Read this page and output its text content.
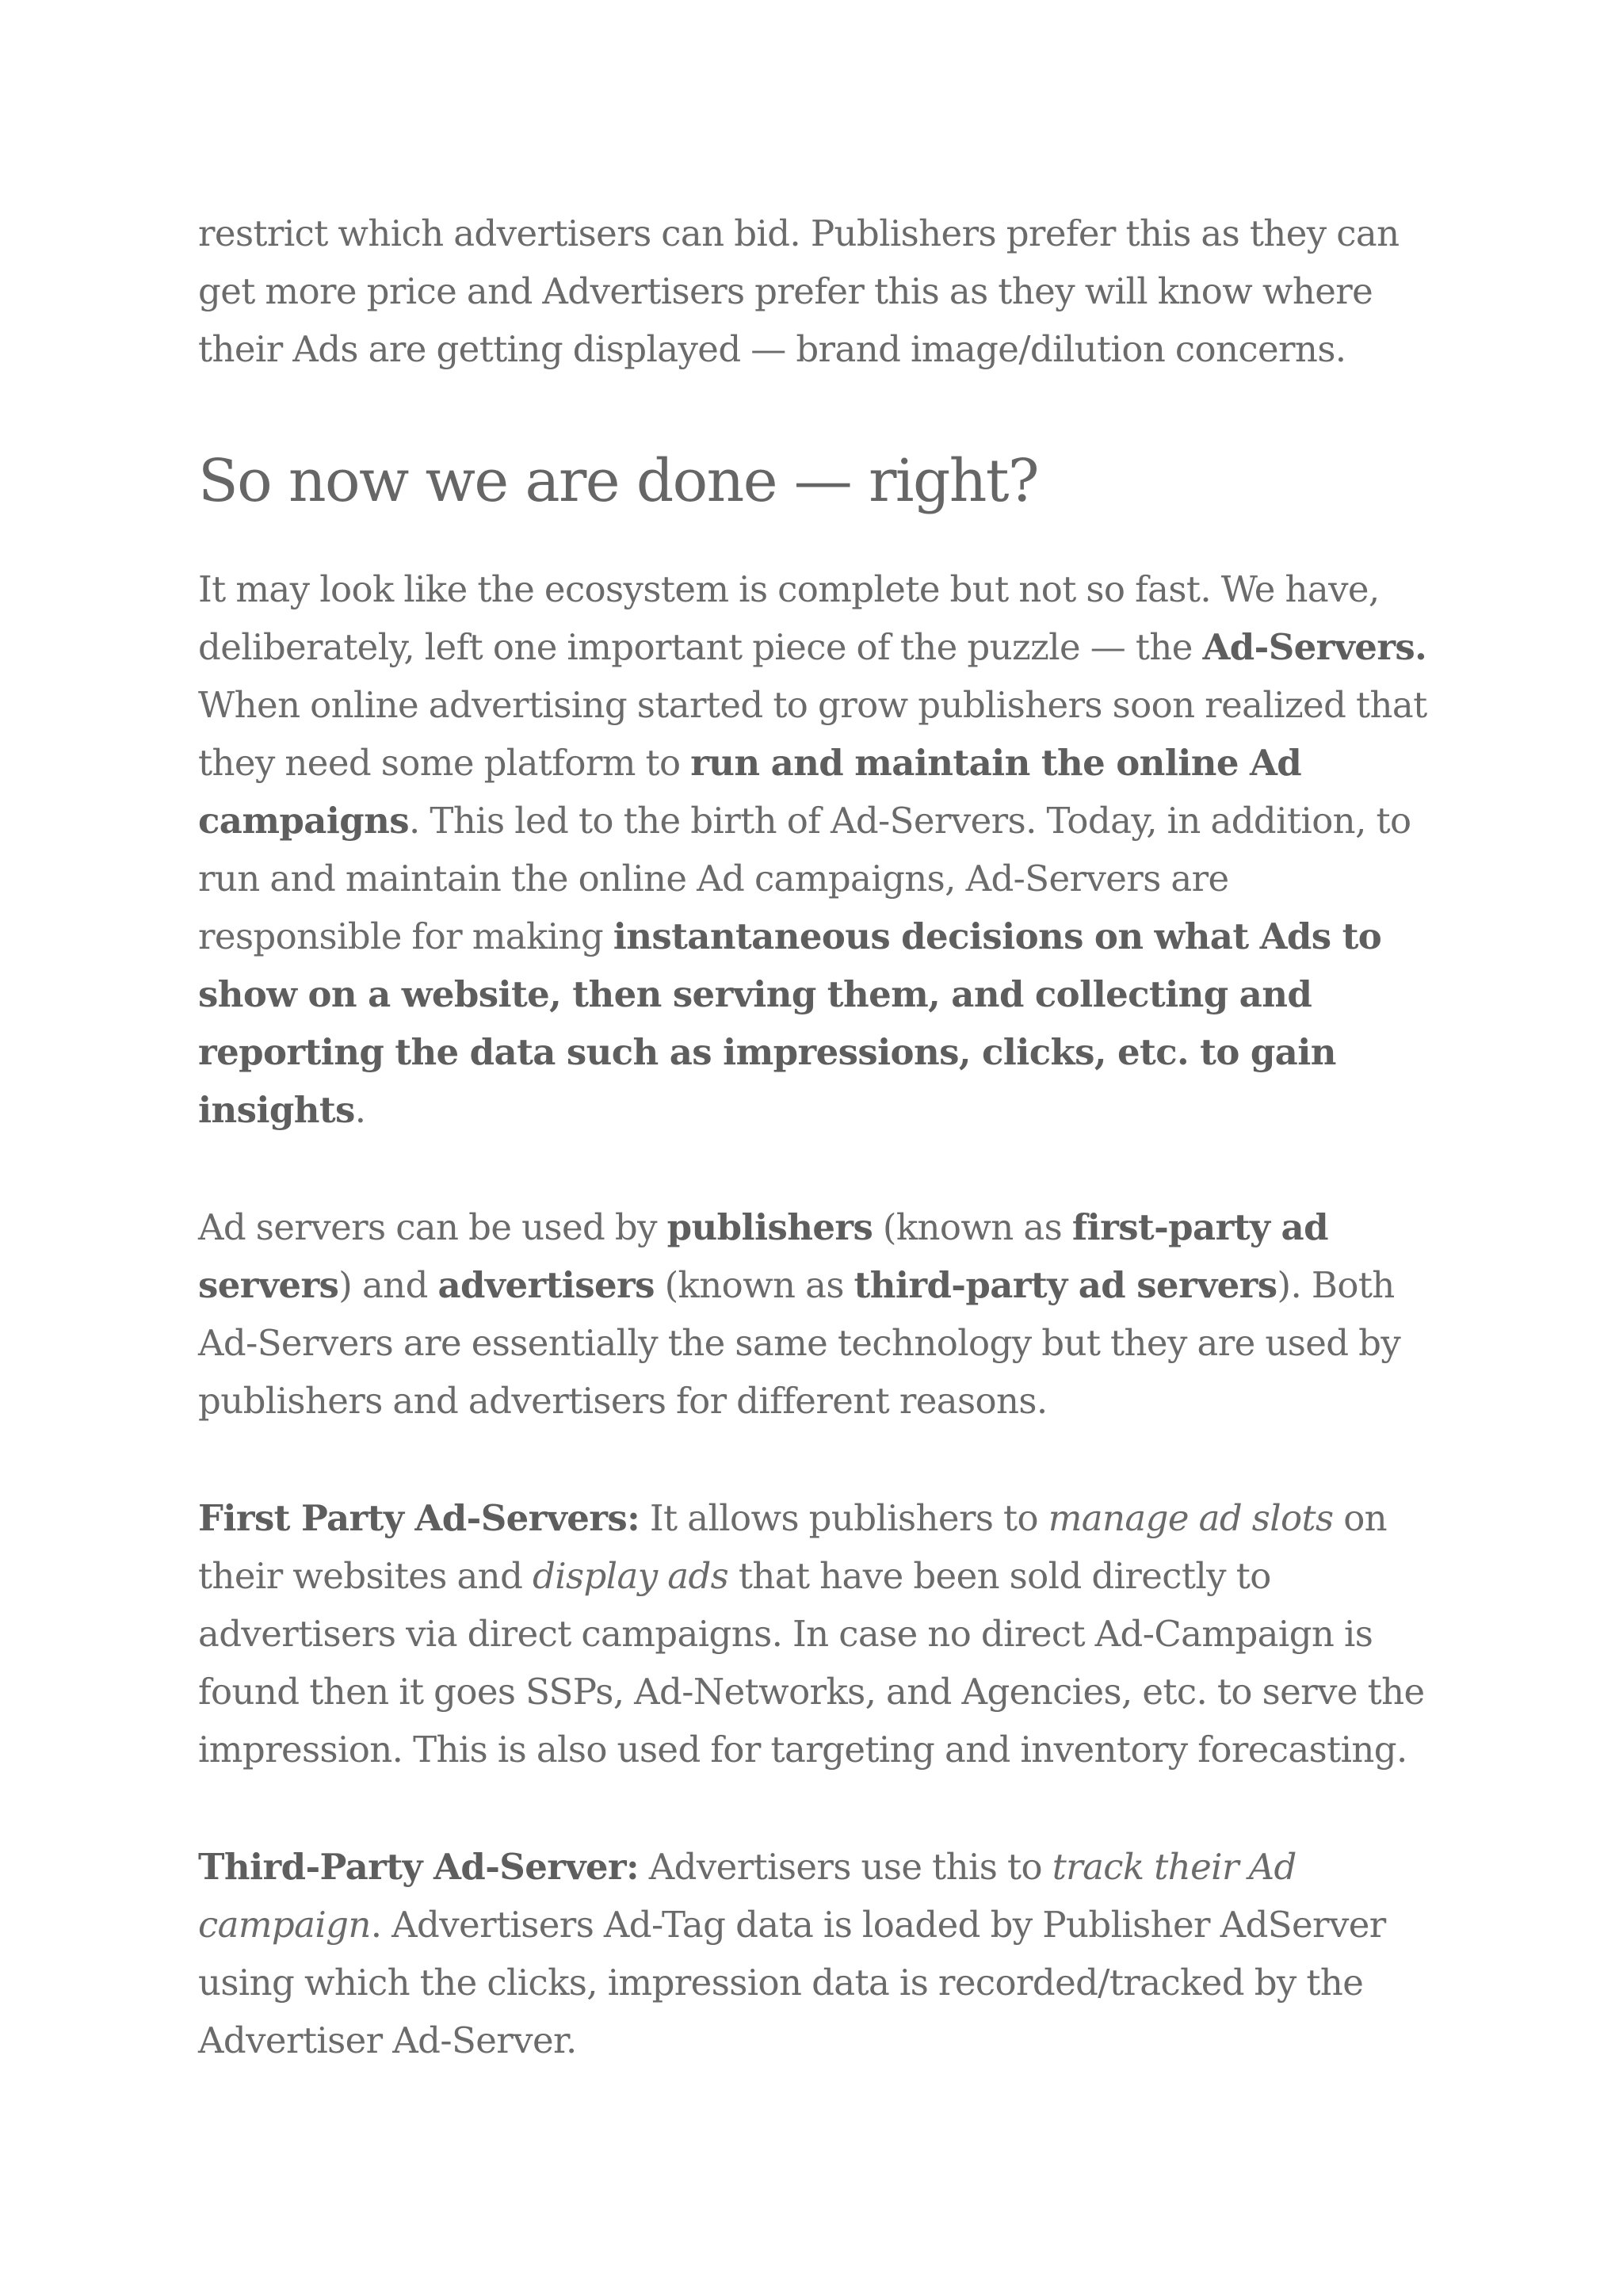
restrict which advertisers can bid. Publishers prefer this as they can get more price and Advertisers prefer this as they will know where their Ads are getting displayed — brand image/dilution concerns.

So now we are done — right?

It may look like the ecosystem is complete but not so fast. We have, deliberately, left one important piece of the puzzle — the Ad-Servers. When online advertising started to grow publishers soon realized that they need some platform to run and maintain the online Ad campaigns. This led to the birth of Ad-Servers. Today, in addition, to run and maintain the online Ad campaigns, Ad-Servers are responsible for making instantaneous decisions on what Ads to show on a website, then serving them, and collecting and reporting the data such as impressions, clicks, etc. to gain insights.

Ad servers can be used by publishers (known as first-party ad servers) and advertisers (known as third-party ad servers). Both Ad-Servers are essentially the same technology but they are used by publishers and advertisers for different reasons.

First Party Ad-Servers: It allows publishers to manage ad slots on their websites and display ads that have been sold directly to advertisers via direct campaigns. In case no direct Ad-Campaign is found then it goes SSPs, Ad-Networks, and Agencies, etc. to serve the impression. This is also used for targeting and inventory forecasting.

Third-Party Ad-Server: Advertisers use this to track their Ad campaign. Advertisers Ad-Tag data is loaded by Publisher AdServer using which the clicks, impression data is recorded/tracked by the Advertiser Ad-Server.
